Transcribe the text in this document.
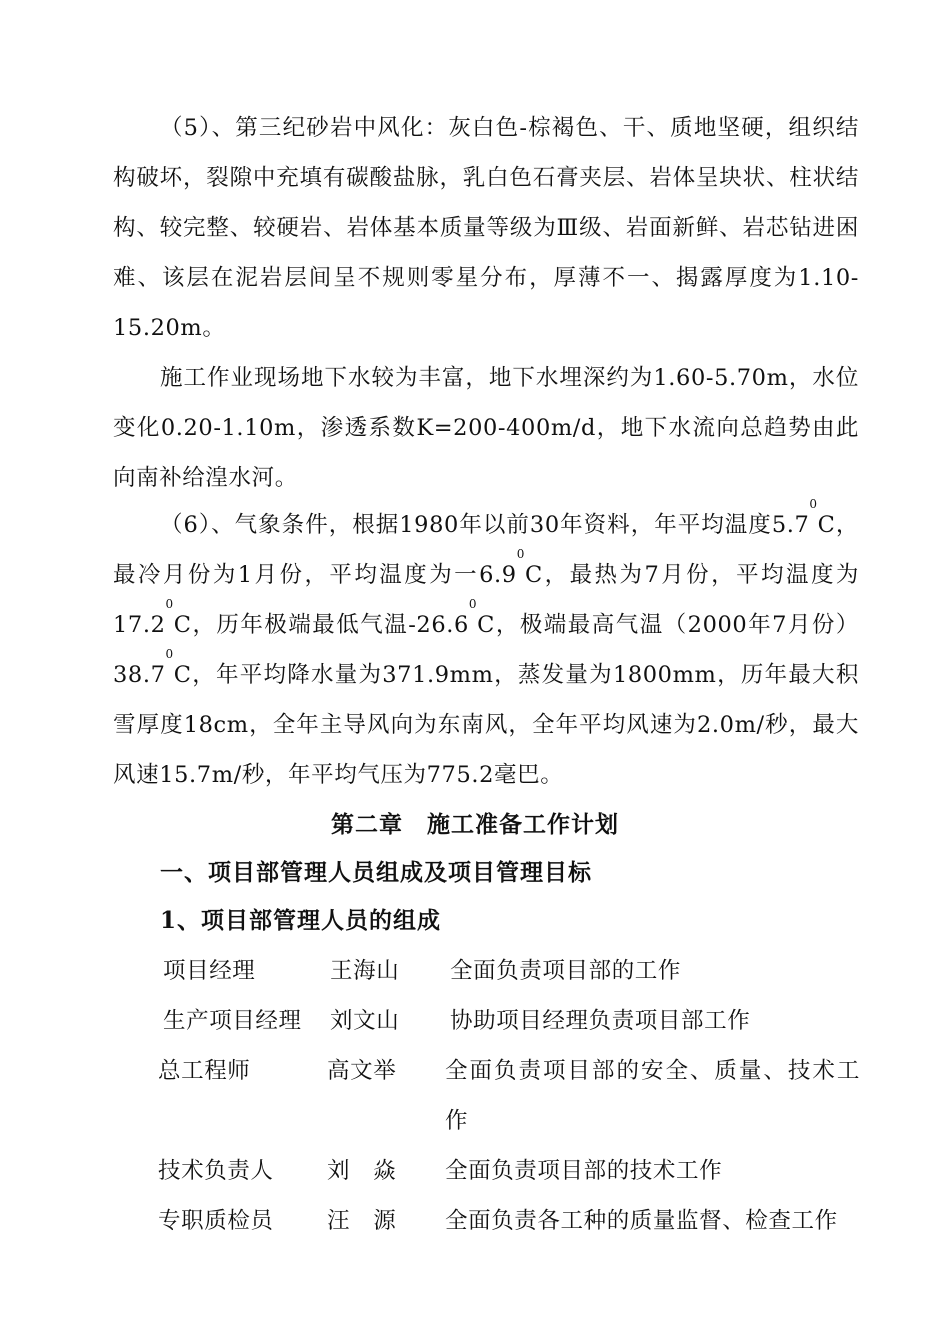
（5）、第三纪砂岩中风化：灰白色-棕褐色、干、质地坚硬，组织结构破坏，裂隙中充填有碳酸盐脉，乳白色石膏夹层、岩体呈块状、柱状结构、较完整、较硬岩、岩体基本质量等级为Ⅲ级、岩面新鲜、岩芯钻进困难、该层在泥岩层间呈不规则零星分布，厚薄不一、揭露厚度为1.10-15.20m。

施工作业现场地下水较为丰富，地下水埋深约为1.60-5.70m，水位变化0.20-1.10m，渗透系数K=200-400m/d，地下水流向总趋势由此向南补给湟水河。

（6）、气象条件，根据1980年以前30年资料，年平均温度$5.7^0C$，最冷月份为1月份，平均温度为一$6.9^0C$，最热为7月份，平均温度为17.2$^0$C，历年极端最低气温-26.6$^0$C，极端最高气温（2000年7月份）38.7$^0$C，年平均降水量为371.9mm，蒸发量为1800mm，历年最大积雪厚度18cm，全年主导风向为东南风，全年平均风速为2.0m/秒，最大风速15.7m/秒，年平均气压为775.2毫巴。

第二章　施工准备工作计划

一、项目部管理人员组成及项目管理目标

1、项目部管理人员的组成

项目经理	王海山 全面负责项目部的工作
生产项目经理 刘文山 协助项目经理负责项目部工作
总工程师	高文举 全面负责项目部的安全、质量、技术工作
技术负责人 刘　焱 全面负责项目部的技术工作
专职质检员 汪　源 全面负责各工种的质量监督、检查工作
